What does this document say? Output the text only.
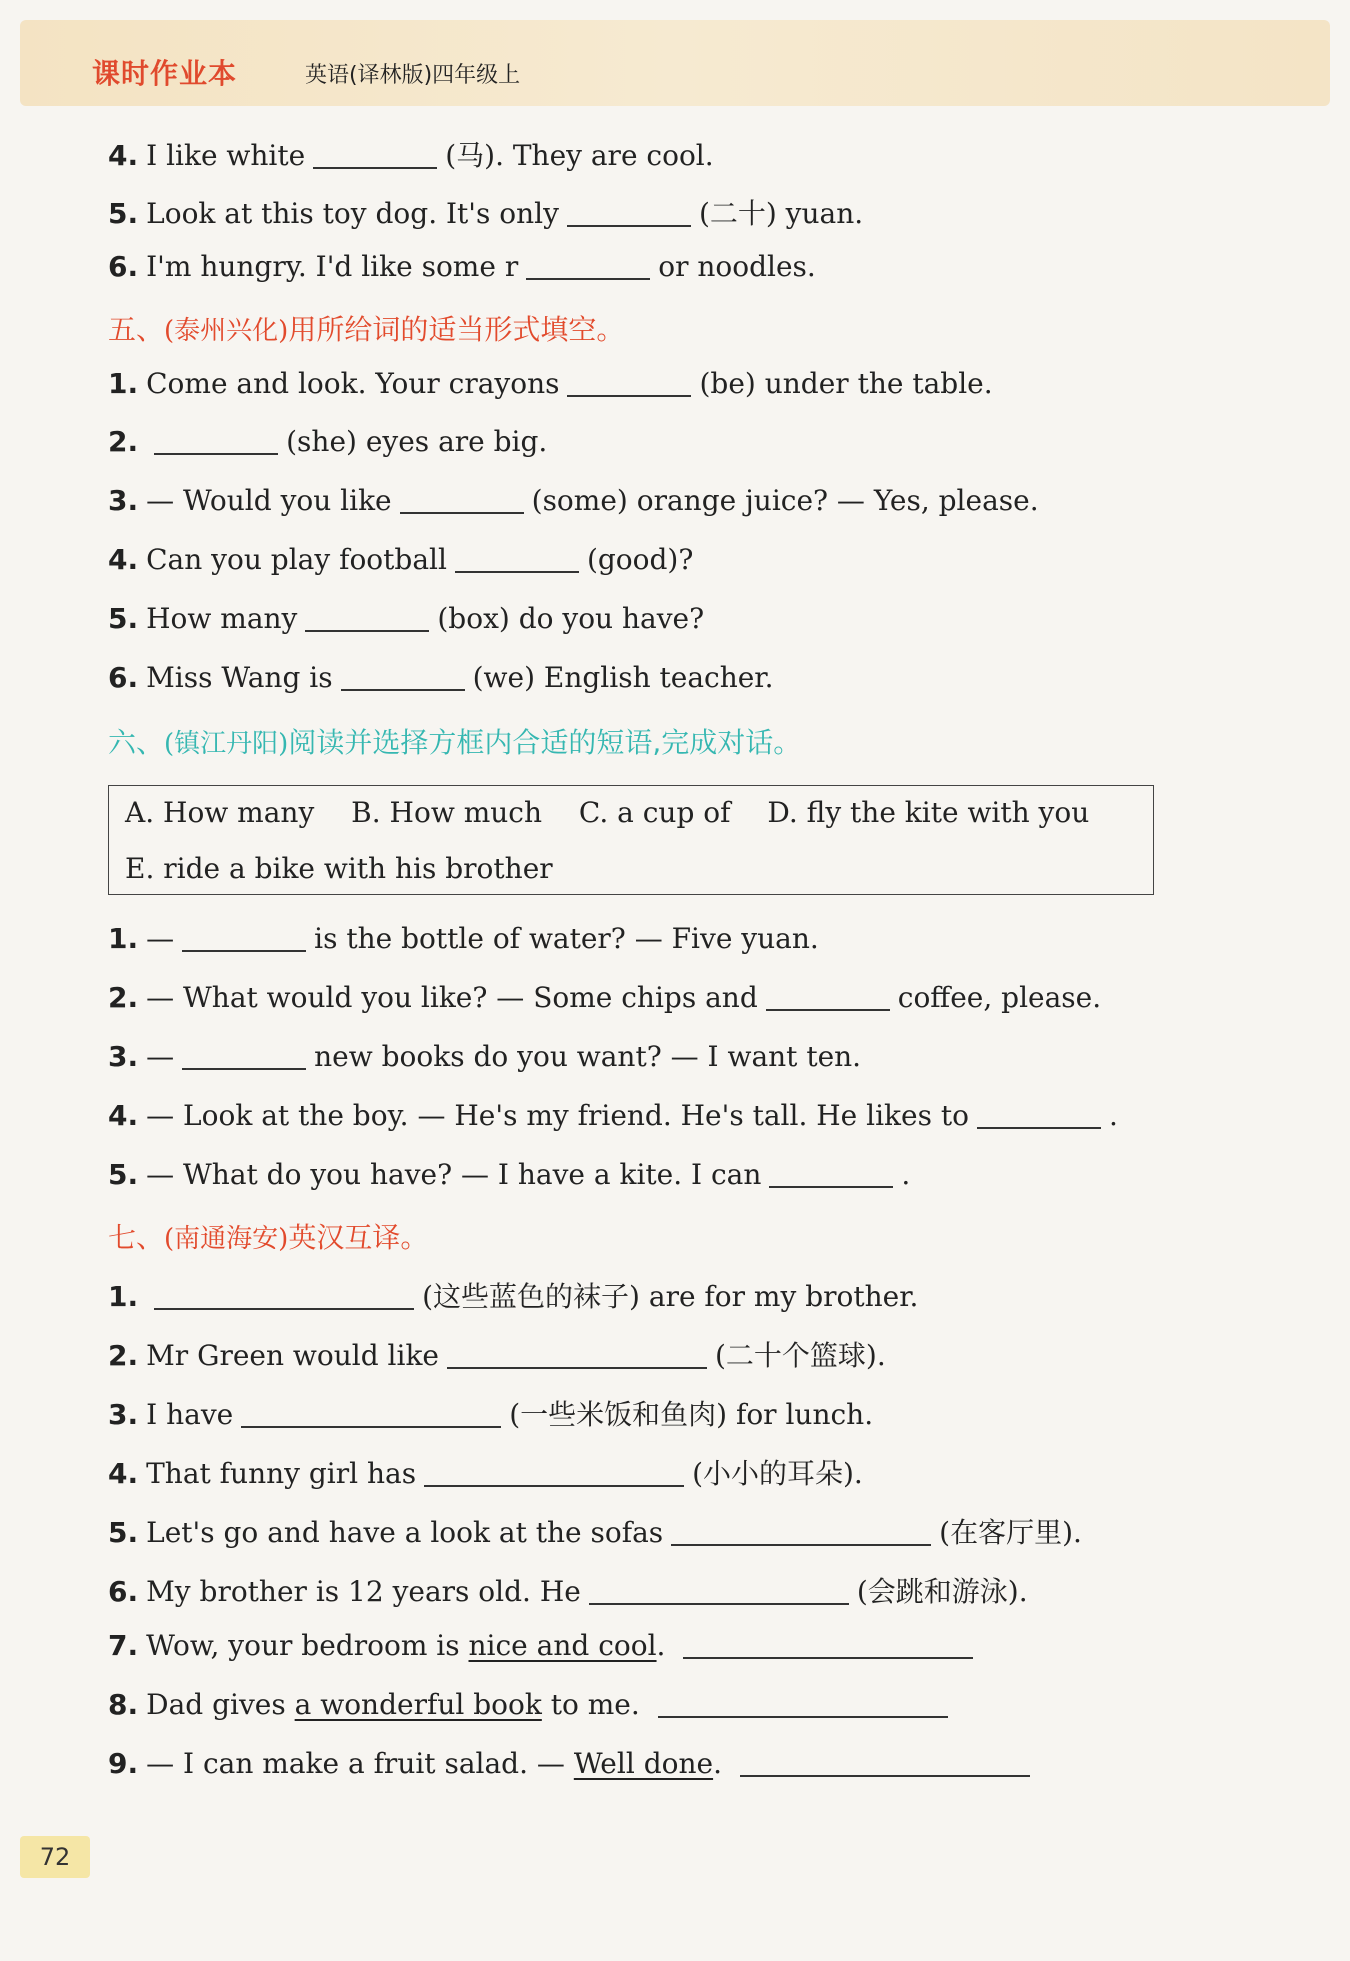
课时作业本	英语(译林版)四年级上
4. I like white	(马). They are cool.
5. Look at this toy dog. It's only	(二十) yuan.
6. I'm hungry. I'd like some r	or noodles.
五、(泰州兴化)用所给词的适当形式填空。
1. Come and look. Your crayons	(be) under the table.
2.	(she) eyes are big.
3. — Would you like	(some) orange juice? — Yes, please.
4. Can you play football	(good)?
5. How many	(box) do you have?
6. Miss Wang is	(we) English teacher.
六、(镇江丹阳)阅读并选择方框内合适的短语,完成对话。
A. How many B. How much C. a cup of D. fly the kite with you
E. ride a bike with his brother
1. —	is the bottle of water? — Five yuan.
2. — What would you like? — Some chips and	coffee, please.
3. —	new books do you want? — I want ten.
4. — Look at the boy. — He's my friend. He's tall. He likes to	.
5. — What do you have? — I have a kite. I can	.
七、(南通海安)英汉互译。
1.	(这些蓝色的袜子) are for my brother.
2. Mr Green would like	(二十个篮球).
3. I have	(一些米饭和鱼肉) for lunch.
4. That funny girl has	(小小的耳朵).
5. Let's go and have a look at the sofas	(在客厅里).
6. My brother is 12 years old. He	(会跳和游泳).
7. Wow, your bedroom is nice and cool.
8. Dad gives a wonderful book to me.
9. — I can make a fruit salad. — Well done.
72
